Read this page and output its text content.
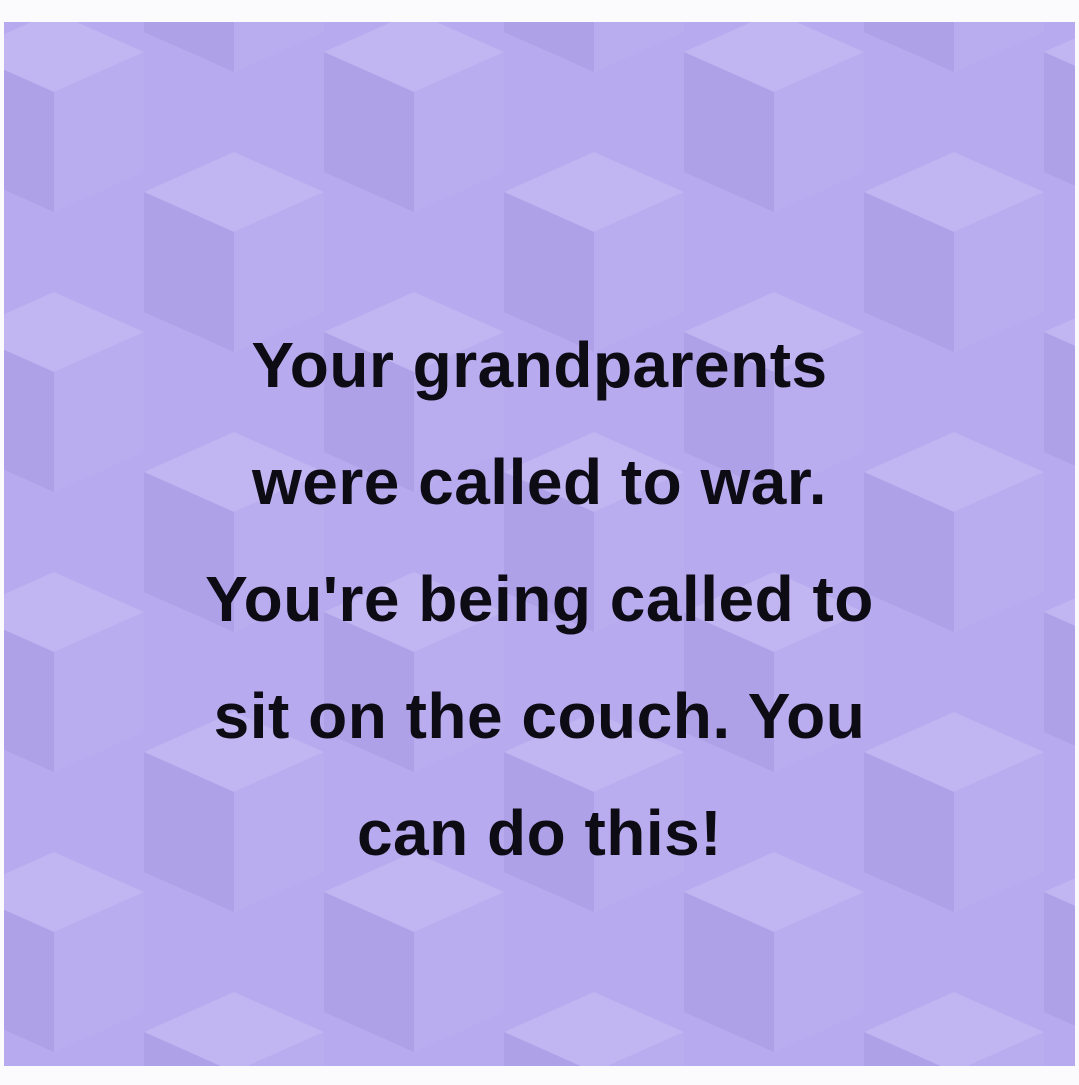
Your grandparents
were called to war.
You're being called to
sit on the couch. You
can do this!
